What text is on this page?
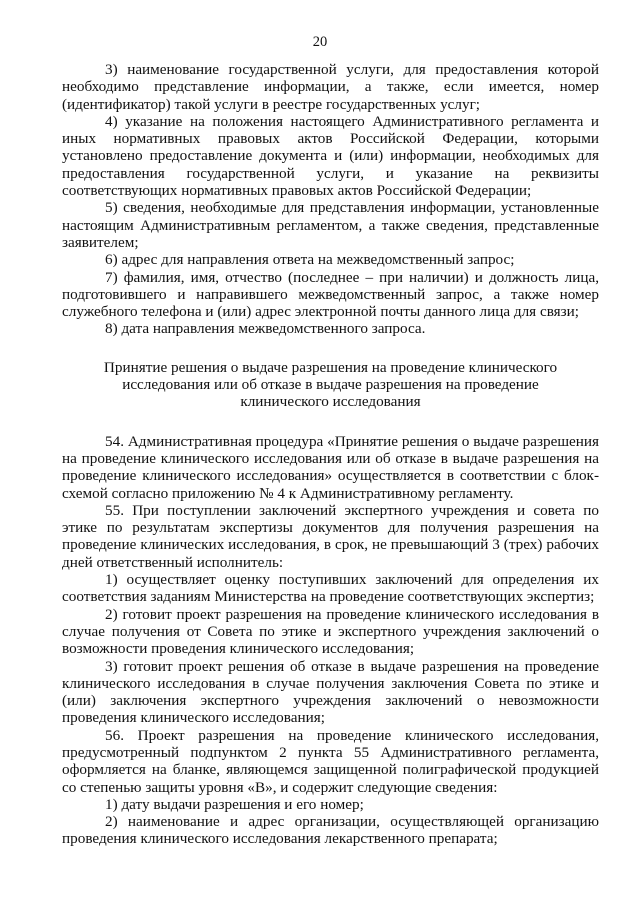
20

3) наименование государственной услуги, для предоставления которой необходимо представление информации, а также, если имеется, номер (идентификатор) такой услуги в реестре государственных услуг;

4) указание на положения настоящего Административного регламента и иных нормативных правовых актов Российской Федерации, которыми установлено предоставление документа и (или) информации, необходимых для предоставления государственной услуги, и указание на реквизиты соответствующих нормативных правовых актов Российской Федерации;

5) сведения, необходимые для представления информации, установленные настоящим Административным регламентом, а также сведения, представленные заявителем;

6) адрес для направления ответа на межведомственный запрос;

7) фамилия, имя, отчество (последнее – при наличии) и должность лица, подготовившего и направившего межведомственный запрос, а также номер служебного телефона и (или) адрес электронной почты данного лица для связи;

8) дата направления межведомственного запроса.

Принятие решения о выдаче разрешения на проведение клинического исследования или об отказе в выдаче разрешения на проведение клинического исследования

54. Административная процедура «Принятие решения о выдаче разрешения на проведение клинического исследования или об отказе в выдаче разрешения на проведение клинического исследования» осуществляется в соответствии с блок-схемой согласно приложению № 4 к Административному регламенту.

55. При поступлении заключений экспертного учреждения и совета по этике по результатам экспертизы документов для получения разрешения на проведение клинических исследования, в срок, не превышающий 3 (трех) рабочих дней ответственный исполнитель:

1) осуществляет оценку поступивших заключений для определения их соответствия заданиям Министерства на проведение соответствующих экспертиз;

2) готовит проект разрешения на проведение клинического исследования в случае получения от Совета по этике и экспертного учреждения заключений о возможности проведения клинического исследования;

3) готовит проект решения об отказе в выдаче разрешения на проведение клинического исследования в случае получения заключения Совета по этике и (или) заключения экспертного учреждения заключений о невозможности проведения клинического исследования;

56. Проект разрешения на проведение клинического исследования, предусмотренный подпунктом 2 пункта 55 Административного регламента, оформляется на бланке, являющемся защищенной полиграфической продукцией со степенью защиты уровня «В», и содержит следующие сведения:

1) дату выдачи разрешения и его номер;

2) наименование и адрес организации, осуществляющей организацию проведения клинического исследования лекарственного препарата;
